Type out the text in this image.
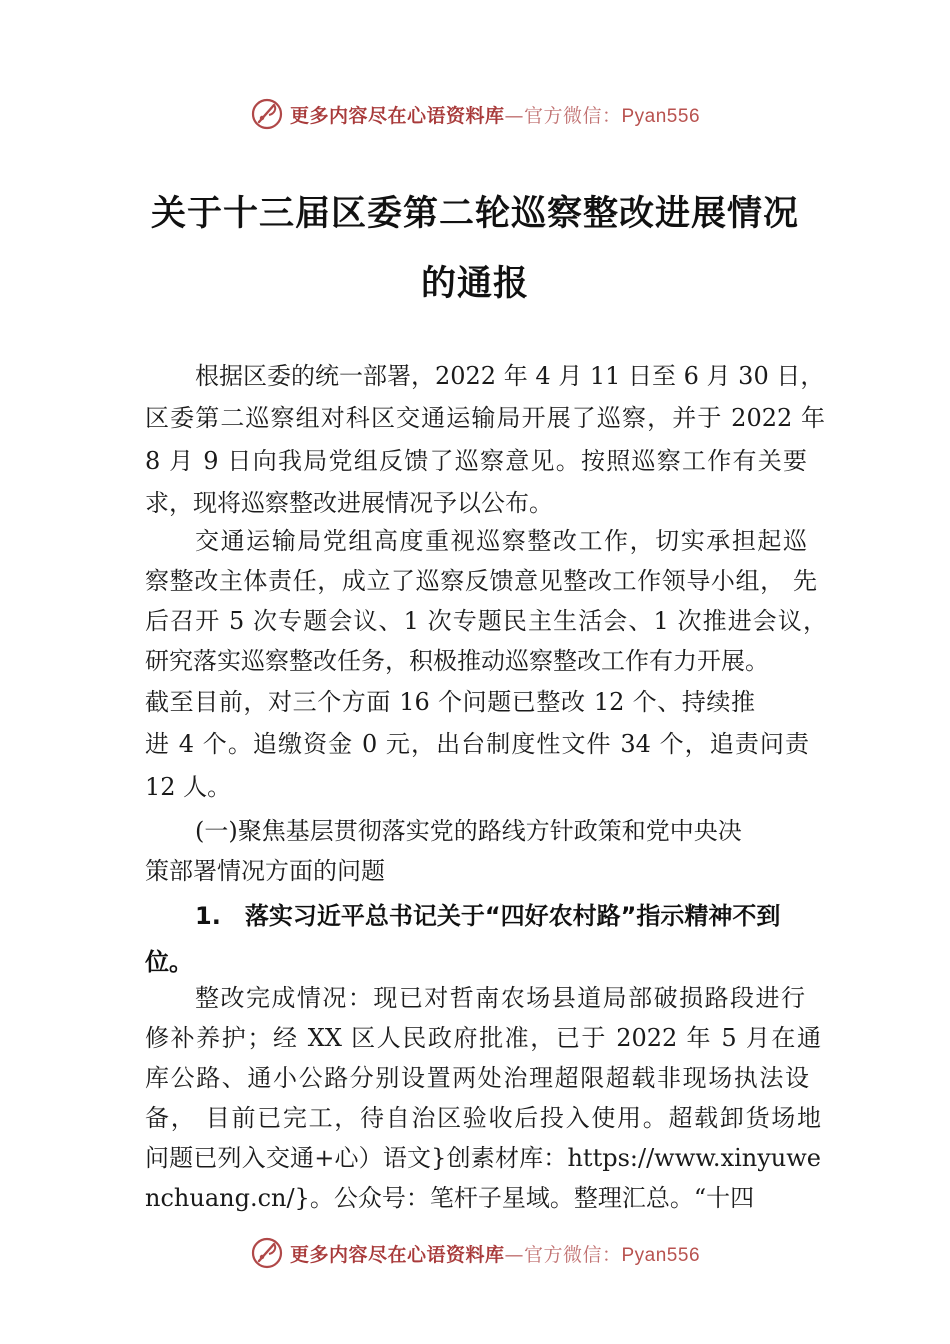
更多内容尽在心语资料库—官方微信：Pyan556
关于十三届区委第二轮巡察整改进展情况
的通报
根据区委的统一部署，2022 年 4 月 11 日至 6 月 30 日，
区委第二巡察组对科区交通运输局开展了巡察，并于 2022 年
8 月 9 日向我局党组反馈了巡察意见。按照巡察工作有关要
求，现将巡察整改进展情况予以公布。
交通运输局党组高度重视巡察整改工作，切实承担起巡
察整改主体责任，成立了巡察反馈意见整改工作领导小组， 先
后召开 5 次专题会议、1 次专题民主生活会、1 次推进会议，
研究落实巡察整改任务，积极推动巡察整改工作有力开展。
截至目前，对三个方面 16 个问题已整改 12 个、持续推
进 4 个。追缴资金 0 元，出台制度性文件 34 个，追责问责
12 人。
(一)聚焦基层贯彻落实党的路线方针政策和党中央决
策部署情况方面的问题
1.　落实习近平总书记关于“四好农村路”指示精神不到
位。
整改完成情况：现已对哲南农场县道局部破损路段进行
修补养护；经 XX 区人民政府批准，已于 2022 年 5 月在通
库公路、通小公路分别设置两处治理超限超载非现场执法设
备， 目前已完工，待自治区验收后投入使用。超载卸货场地
问题已列入交通+心）语文}创素材库：https://www.xinyuwe
nchuang.cn/}。公众号：笔杆子星域。整理汇总。“十四
更多内容尽在心语资料库—官方微信：Pyan556
